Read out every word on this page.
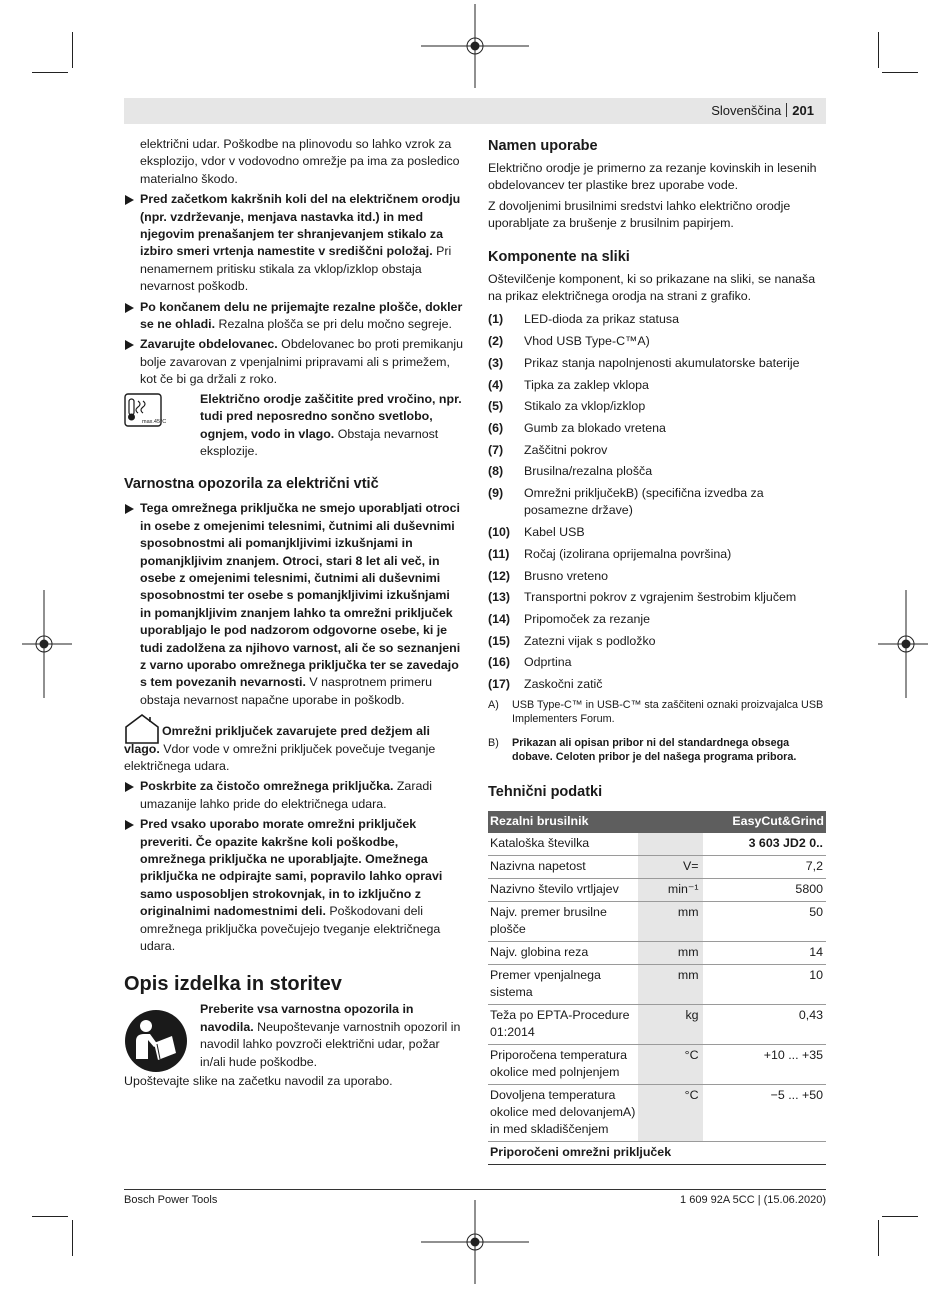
Slovenščina 201

električni udar. Poškodbe na plinovodu so lahko vzrok za eksplozijo, vdor v vodovodno omrežje pa ima za posledico materialno škodo.

Pred začetkom kakršnih koli del na električnem orodju (npr. vzdrževanje, menjava nastavka itd.) in med njegovim prenašanjem ter shranjevanjem stikalo za izbiro smeri vrtenja namestite v središčni položaj. Pri nenamernem pritisku stikala za vklop/izklop obstaja nevarnost poškodb.
Po končanem delu ne prijemajte rezalne plošče, dokler se ne ohladi. Rezalna plošča se pri delu močno segreje.
Zavarujte obdelovanec. Obdelovanec bo proti premikanju bolje zavarovan z vpenjalnimi pripravami ali s primežem, kot če bi ga držali z roko.
max.45°C

Električno orodje zaščitite pred vročino, npr. tudi pred neposredno sončno svetlobo, ognjem, vodo in vlago. Obstaja nevarnost eksplozije.

Varnostna opozorila za električni vtič
Tega omrežnega priključka ne smejo uporabljati otroci in osebe z omejenimi telesnimi, čutnimi ali duševnimi sposobnostmi ali pomanjkljivimi izkušnjami in pomanjkljivim znanjem. Otroci, stari 8 let ali več, in osebe z omejenimi telesnimi, čutnimi ali duševnimi sposobnostmi ter osebe s pomanjkljivimi izkušnjami in pomanjkljivim znanjem lahko ta omrežni priključek uporabljajo le pod nadzorom odgovorne osebe, ki je tudi zadolžena za njihovo varnost, ali če so seznanjeni z varno uporabo omrežnega priključka ter se zavedajo s tem povezanih nevarnosti. V nasprotnem primeru obstaja nevarnost napačne uporabe in poškodb.

Omrežni priključek zavarujete pred dežjem ali vlago. Vdor vode v omrežni priključek povečuje tveganje električnega udara.

Poskrbite za čistočo omrežnega priključka. Zaradi umazanije lahko pride do električnega udara.
Pred vsako uporabo morate omrežni priključek preveriti. Če opazite kakršne koli poškodbe, omrežnega priključka ne uporabljajte. Omežnega priključka ne odpirajte sami, popravilo lahko opravi samo usposobljen strokovnjak, in to izključno z originalnimi nadomestnimi deli. Poškodovani deli omrežnega priključka povečujejo tveganje električnega udara.
Opis izdelka in storitev

Preberite vsa varnostna opozorila in navodila. Neupoštevanje varnostnih opozoril in navodil lahko povzroči električni udar, požar in/ali hude poškodbe.

Upoštevajte slike na začetku navodil za uporabo.

Namen uporabe

Električno orodje je primerno za rezanje kovinskih in lesenih obdelovancev ter plastike brez uporabe vode.

Z dovoljenimi brusilnimi sredstvi lahko električno orodje uporabljate za brušenje z brusilnim papirjem.

Komponente na sliki

Oštevilčenje komponent, ki so prikazane na sliki, se nanaša na prikaz električnega orodja na strani z grafiko.

(1)	LED-dioda za prikaz statusa
(2)	Vhod USB Type-C™A)
(3)	Prikaz stanja napolnjenosti akumulatorske baterije
(4)	Tipka za zaklep vklopa
(5)	Stikalo za vklop/izklop
(6)	Gumb za blokado vretena
(7)	Zaščitni pokrov
(8)	Brusilna/rezalna plošča
(9)	Omrežni priključekB) (specifična izvedba za posamezne države)
(10)	Kabel USB
(11)	Ročaj (izolirana oprijemalna površina)
(12)	Brusno vreteno
(13)	Transportni pokrov z vgrajenim šestrobim ključem
(14)	Pripomoček za rezanje
(15)	Zatezni vijak s podložko
(16)	Odprtina
(17)	Zaskočni zatič
A)	USB Type-C™ in USB-C™ sta zaščiteni oznaki proizvajalca USB Implementers Forum.
B)	Prikazan ali opisan pribor ni del standardnega obsega dobave. Celoten pribor je del našega programa pribora.
Tehnični podatki
Rezalni brusilnik		EasyCut&Grind
Kataloška številka		3 603 JD2 0..
Nazivna napetost	V=	7,2
Nazivno število vrtljajev	min⁻¹	5800
Najv. premer brusilne plošče	mm	50
Najv. globina reza	mm	14
Premer vpenjalnega sistema	mm	10
Teža po EPTA-Procedure 01:2014	kg	0,43
Priporočena temperatura okolice med polnjenjem	°C	+10 ... +35
Dovoljena temperatura okolice med delovanjemA) in med skladiščenjem	°C	−5 ... +50
Priporočeni omrežni priključek		
Bosch Power Tools	1 609 92A 5CC | (15.06.2020)
